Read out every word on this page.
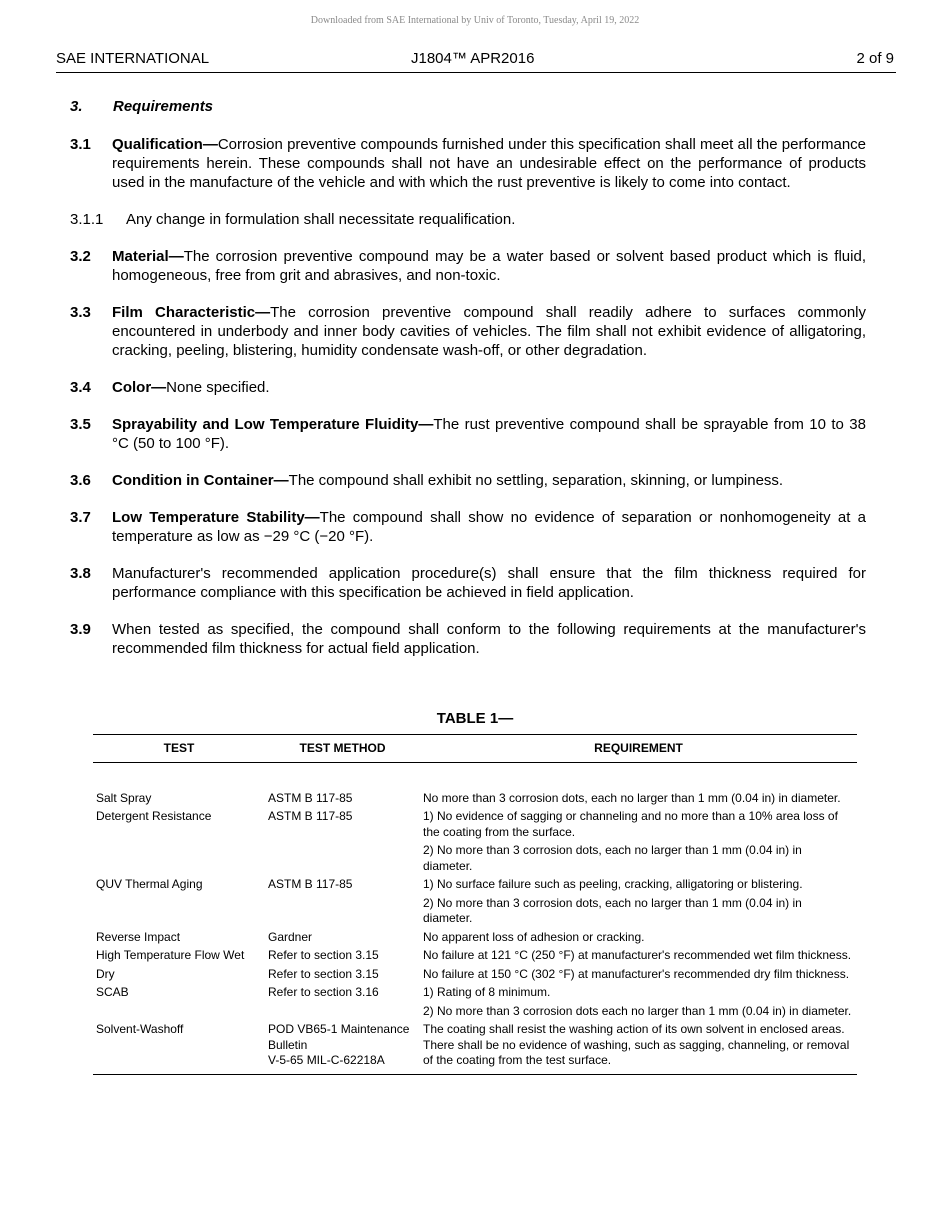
Downloaded from SAE International by Univ of Toronto, Tuesday, April 19, 2022
SAE INTERNATIONAL	J1804™ APR2016	2 of 9
3. Requirements
3.1	Qualification—Corrosion preventive compounds furnished under this specification shall meet all the performance requirements herein. These compounds shall not have an undesirable effect on the performance of products used in the manufacture of the vehicle and with which the rust preventive is likely to come into contact.
3.1.1	Any change in formulation shall necessitate requalification.
3.2	Material—The corrosion preventive compound may be a water based or solvent based product which is fluid, homogeneous, free from grit and abrasives, and non-toxic.
3.3	Film Characteristic—The corrosion preventive compound shall readily adhere to surfaces commonly encountered in underbody and inner body cavities of vehicles. The film shall not exhibit evidence of alligatoring, cracking, peeling, blistering, humidity condensate wash-off, or other degradation.
3.4	Color—None specified.
3.5	Sprayability and Low Temperature Fluidity—The rust preventive compound shall be sprayable from 10 to 38 °C (50 to 100 °F).
3.6	Condition in Container—The compound shall exhibit no settling, separation, skinning, or lumpiness.
3.7	Low Temperature Stability—The compound shall show no evidence of separation or nonhomogeneity at a temperature as low as −29 °C (−20 °F).
3.8	Manufacturer's recommended application procedure(s) shall ensure that the film thickness required for performance compliance with this specification be achieved in field application.
3.9	When tested as specified, the compound shall conform to the following requirements at the manufacturer's recommended film thickness for actual field application.
TABLE 1—
TEST	TEST METHOD	REQUIREMENT
Salt Spray	ASTM B 117-85	No more than 3 corrosion dots, each no larger than 1 mm (0.04 in) in diameter.

Detergent Resistance	ASTM B 117-85	1) No evidence of sagging or channeling and no more than a 10% area loss of the coating from the surface.
2) No more than 3 corrosion dots, each no larger than 1 mm (0.04 in) in diameter.

QUV Thermal Aging	ASTM B 117-85	1) No surface failure such as peeling, cracking, alligatoring or blistering.
2) No more than 3 corrosion dots, each no larger than 1 mm (0.04 in) in diameter.

Reverse Impact	Gardner	No apparent loss of adhesion or cracking.

High Temperature Flow Wet	Refer to section 3.15	No failure at 121 °C (250 °F) at manufacturer's recommended wet film thickness.

Dry	Refer to section 3.15	No failure at 150 °C (302 °F) at manufacturer's recommended dry film thickness.

SCAB	Refer to section 3.16	1) Rating of 8 minimum.
2) No more than 3 corrosion dots each no larger than 1 mm (0.04 in) in diameter.

Solvent-Washoff	POD VB65-1 Maintenance Bulletin
V-5-65 MIL-C-62218A	The coating shall resist the washing action of its own solvent in enclosed areas. There shall be no evidence of washing, such as sagging, channeling, or removal of the coating from the test surface.
